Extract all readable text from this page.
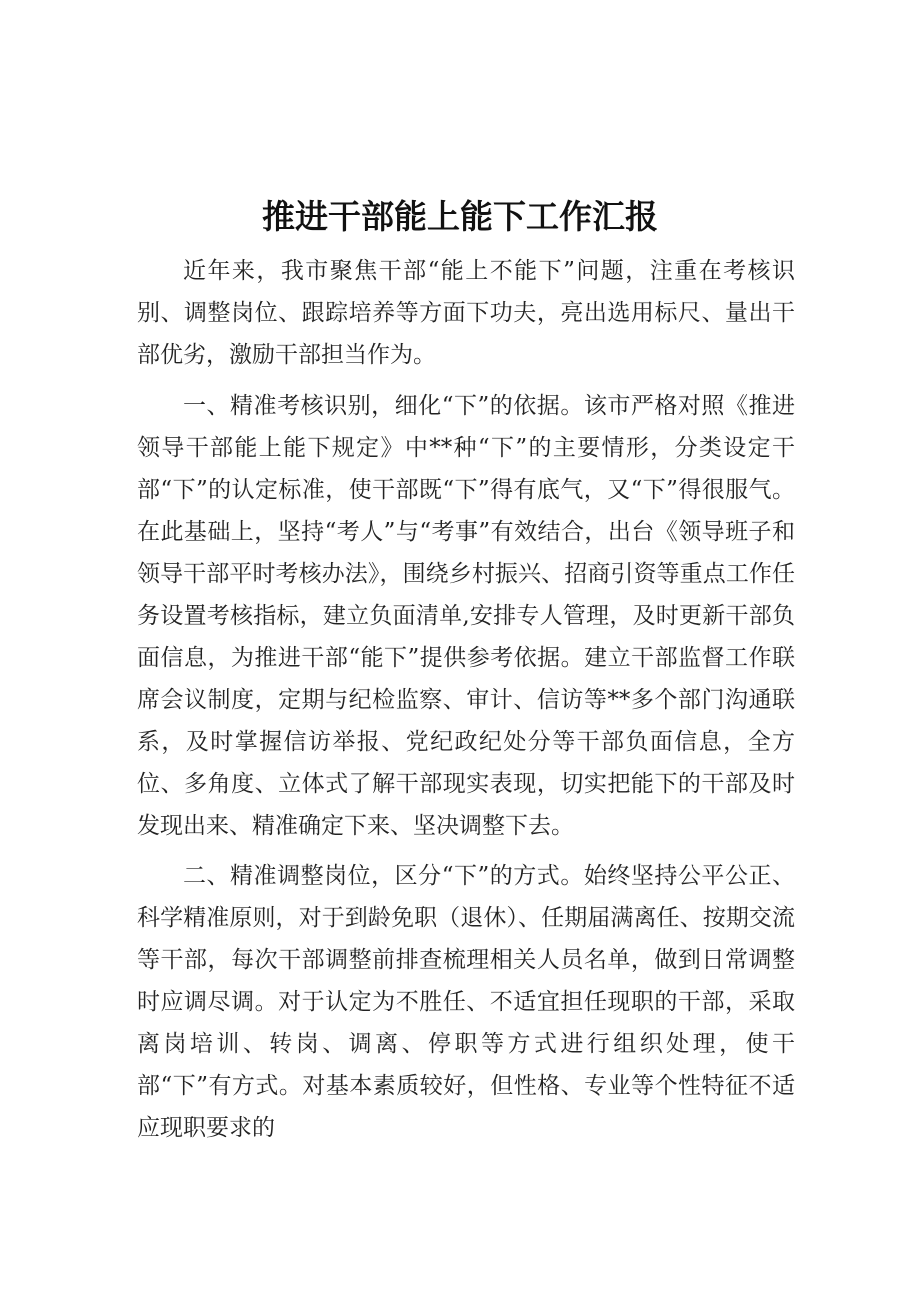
推进干部能上能下工作汇报

近年来，我市聚焦干部“能上不能下”问题，注重在考核识别、调整岗位、跟踪培养等方面下功夫，亮出选用标尺、量出干部优劣，激励干部担当作为。

一、精准考核识别，细化“下”的依据。该市严格对照《推进领导干部能上能下规定》中**种“下”的主要情形，分类设定干部“下”的认定标准，使干部既“下”得有底气，又“下”得很服气。在此基础上，坚持“考人”与“考事”有效结合，出台《领导班子和领导干部平时考核办法》，围绕乡村振兴、招商引资等重点工作任务设置考核指标，建立负面清单,安排专人管理，及时更新干部负面信息，为推进干部“能下”提供参考依据。建立干部监督工作联席会议制度，定期与纪检监察、审计、信访等**多个部门沟通联系，及时掌握信访举报、党纪政纪处分等干部负面信息，全方位、多角度、立体式了解干部现实表现，切实把能下的干部及时发现出来、精准确定下来、坚决调整下去。

二、精准调整岗位，区分“下”的方式。始终坚持公平公正、科学精准原则，对于到龄免职（退休）、任期届满离任、按期交流等干部，每次干部调整前排查梳理相关人员名单，做到日常调整时应调尽调。对于认定为不胜任、不适宜担任现职的干部，采取离岗培训、转岗、调离、停职等方式进行组织处理，使干部“下”有方式。对基本素质较好，但性格、专业等个性特征不适应现职要求的
